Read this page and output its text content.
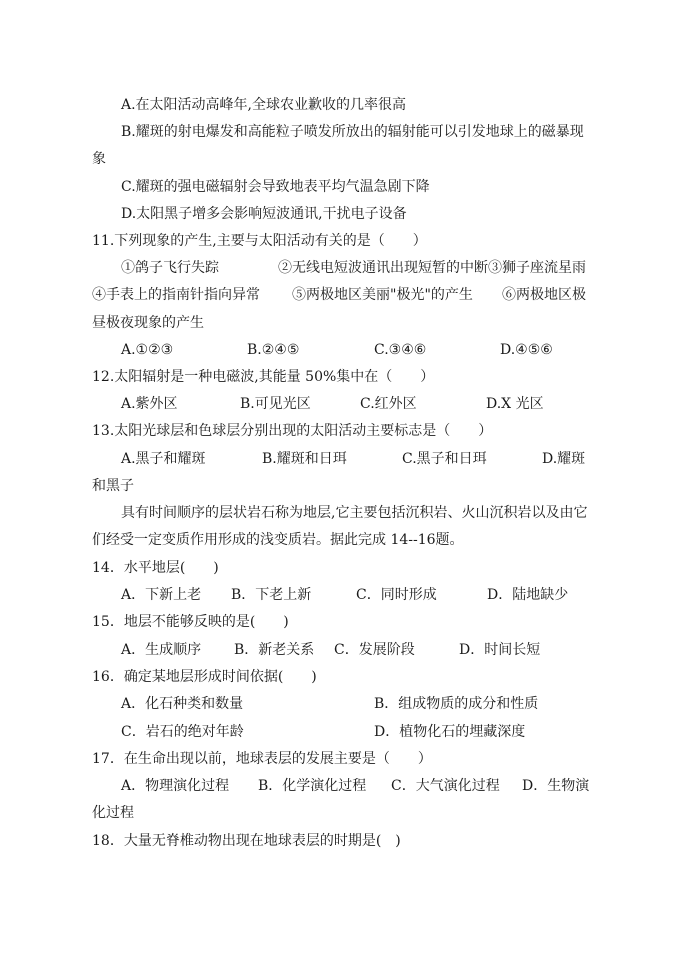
A.在太阳活动高峰年,全球农业歉收的几率很高
B.耀斑的射电爆发和高能粒子喷发所放出的辐射能可以引发地球上的磁暴现
象
C.耀斑的强电磁辐射会导致地表平均气温急剧下降
D.太阳黑子增多会影响短波通讯,干扰电子设备
11.下列现象的产生,主要与太阳活动有关的是（　　）
①鸽子飞行失踪	②无线电短波通讯出现短暂的中断 ③狮子座流星雨
④手表上的指南针指向异常 ⑤两极地区美丽"极光"的产生 ⑥两极地区极
昼极夜现象的产生
A.①②③	B.②④⑤	C.③④⑥	D.④⑤⑥
12.太阳辐射是一种电磁波,其能量 50%集中在（　　）
A.紫外区	B.可见光区	C.红外区	D.X 光区
13.太阳光球层和色球层分别出现的太阳活动主要标志是（　　）
A.黑子和耀斑	B.耀斑和日珥	C.黑子和日珥	D.耀斑
和黑子
具有时间顺序的层状岩石称为地层,它主要包括沉积岩、火山沉积岩以及由它
们经受一定变质作用形成的浅变质岩。据此完成 14--16题。
14．水平地层(　　)
A．下新上老 B．下老上新	C．同时形成	D．陆地缺少
15．地层不能够反映的是(　　)
A．生成顺序 B．新老关系 C．发展阶段	D．时间长短
16．确定某地层形成时间依据(　　)
A．化石种类和数量	B．组成物质的成分和性质
C．岩石的绝对年龄	D．植物化石的埋藏深度
17．在生命出现以前，地球表层的发展主要是（　　）
A．物理演化过程 B．化学演化过程 C．大气演化过程 D．生物演
化过程
18．大量无脊椎动物出现在地球表层的时期是(　)
